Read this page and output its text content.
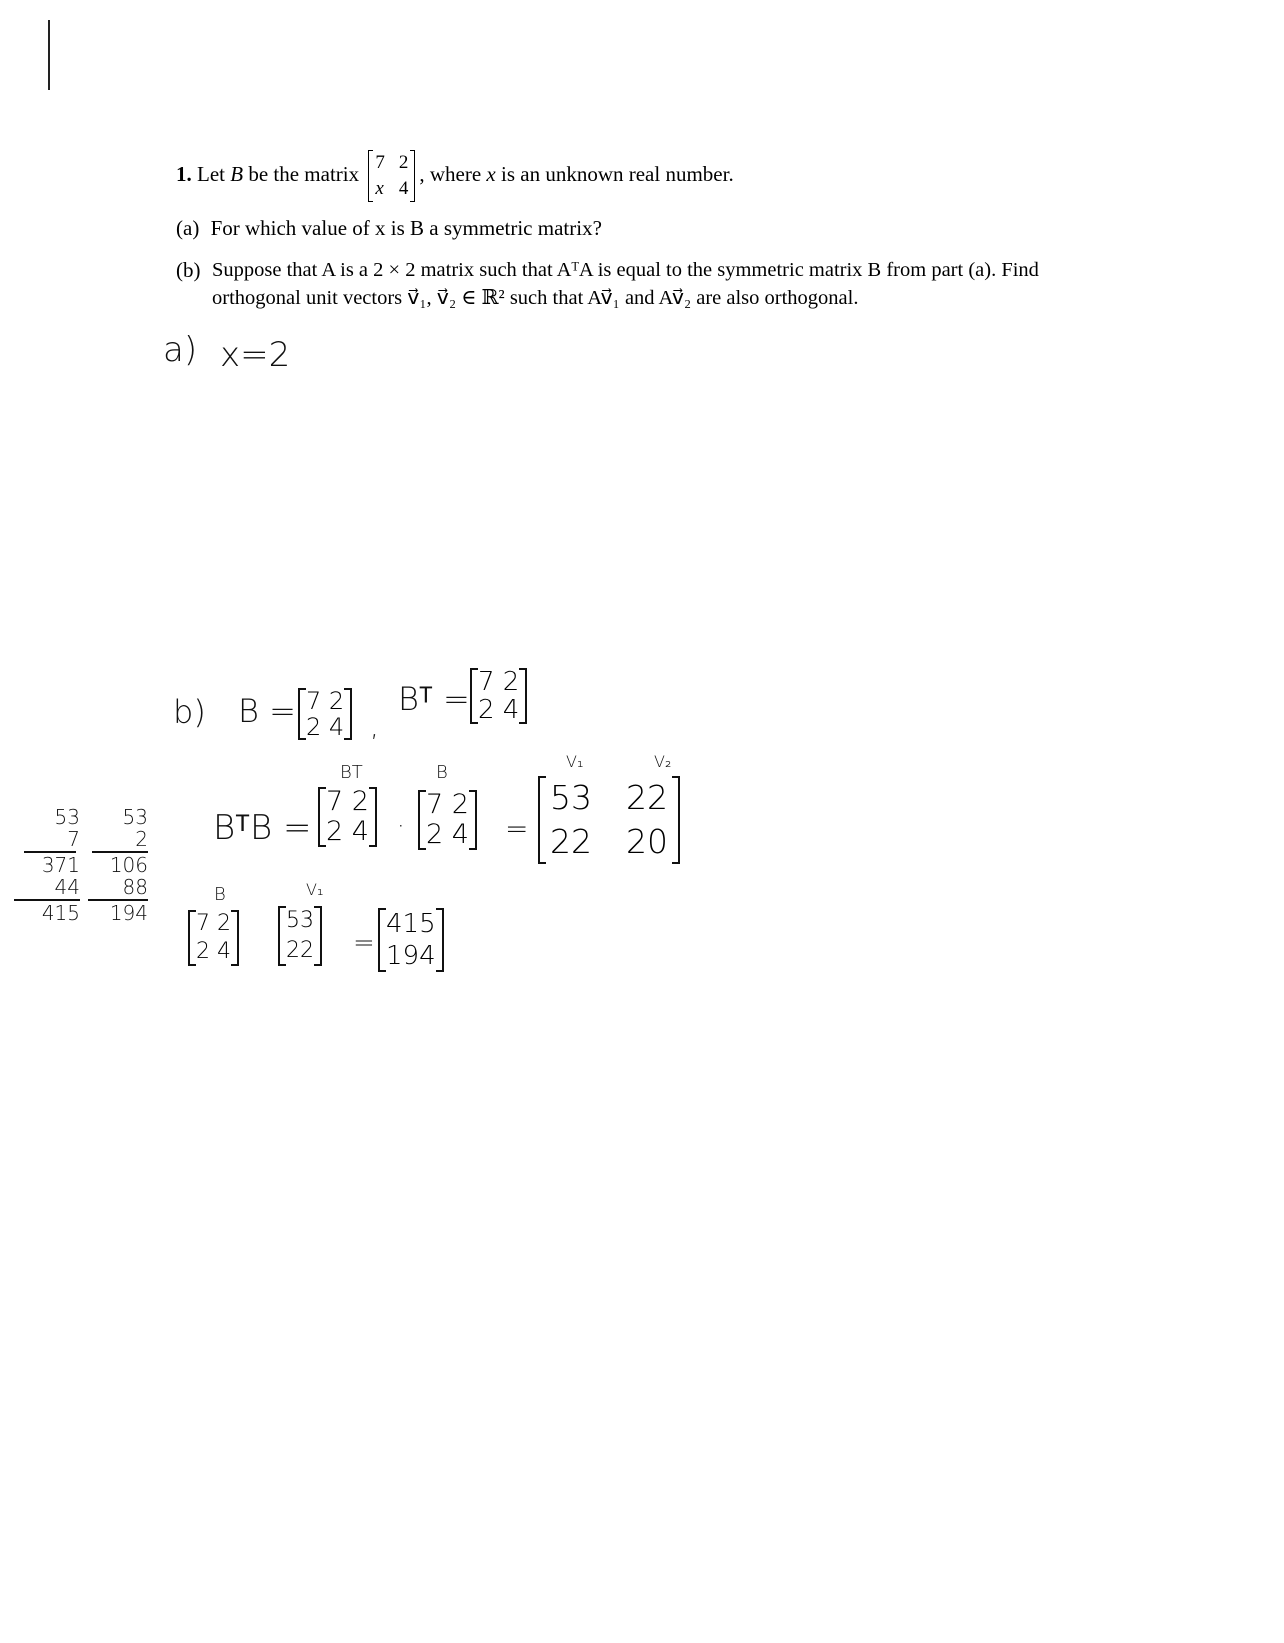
1. Let B be the matrix 7 2
x 4
, where x is an unknown real number.
(a) For which value of x is B a symmetric matrix?
(b) Suppose that A is a 2 × 2 matrix such that AᵀA is equal to the symmetric matrix B from part (a). Find
orthogonal unit vectors v⃗₁, v⃗₂ ∈ ℝ² such that Av⃗₁ and Av⃗₂ are also orthogonal.
a) x=2
b) B = 7 2
2 4 ,
Bᵀ = 7 2
2 4
BT	B
V₁	V₂
BᵀB =
7 2
2 4 ·
7 2
2 4 =
53 22
22 20
B	V₁
7 2
2 4
53
22 =
415
194
53
7
371
44
415
53
2
106
88
194
